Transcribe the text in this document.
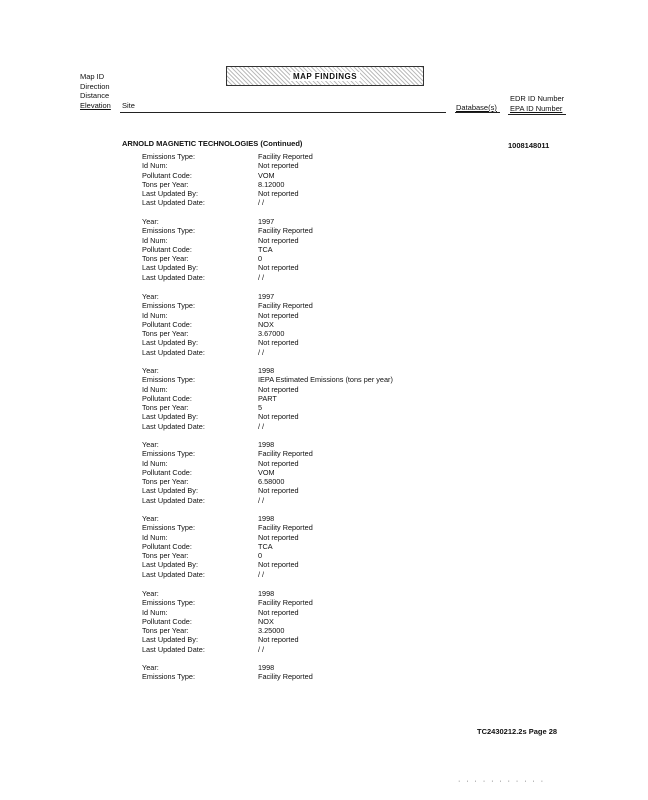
Map ID
Direction
Distance
Elevation Site
MAP FINDINGS
EDR ID Number
EPA ID Number
Database(s)
ARNOLD MAGNETIC TECHNOLOGIES (Continued)	1008148011
Emissions Type:	Facility Reported
Id Num:	Not reported
Pollutant Code:	VOM
Tons per Year:	8.12000
Last Updated By:	Not reported
Last Updated Date:	/ /
Year:	1997
Emissions Type:	Facility Reported
Id Num:	Not reported
Pollutant Code:	TCA
Tons per Year:	0
Last Updated By:	Not reported
Last Updated Date:	/ /
Year:	1997
Emissions Type:	Facility Reported
Id Num:	Not reported
Pollutant Code:	NOX
Tons per Year:	3.67000
Last Updated By:	Not reported
Last Updated Date:	/ /
Year:	1998
Emissions Type:	IEPA Estimated Emissions (tons per year)
Id Num:	Not reported
Pollutant Code:	PART
Tons per Year:	5
Last Updated By:	Not reported
Last Updated Date:	/ /
Year:	1998
Emissions Type:	Facility Reported
Id Num:	Not reported
Pollutant Code:	VOM
Tons per Year:	6.58000
Last Updated By:	Not reported
Last Updated Date:	/ /
Year:	1998
Emissions Type:	Facility Reported
Id Num:	Not reported
Pollutant Code:	TCA
Tons per Year:	0
Last Updated By:	Not reported
Last Updated Date:	/ /
Year:	1998
Emissions Type:	Facility Reported
Id Num:	Not reported
Pollutant Code:	NOX
Tons per Year:	3.25000
Last Updated By:	Not reported
Last Updated Date:	/ /
Year:	1998
Emissions Type:	Facility Reported
TC2430212.2s Page 28
· · · · · · · · · · ·
